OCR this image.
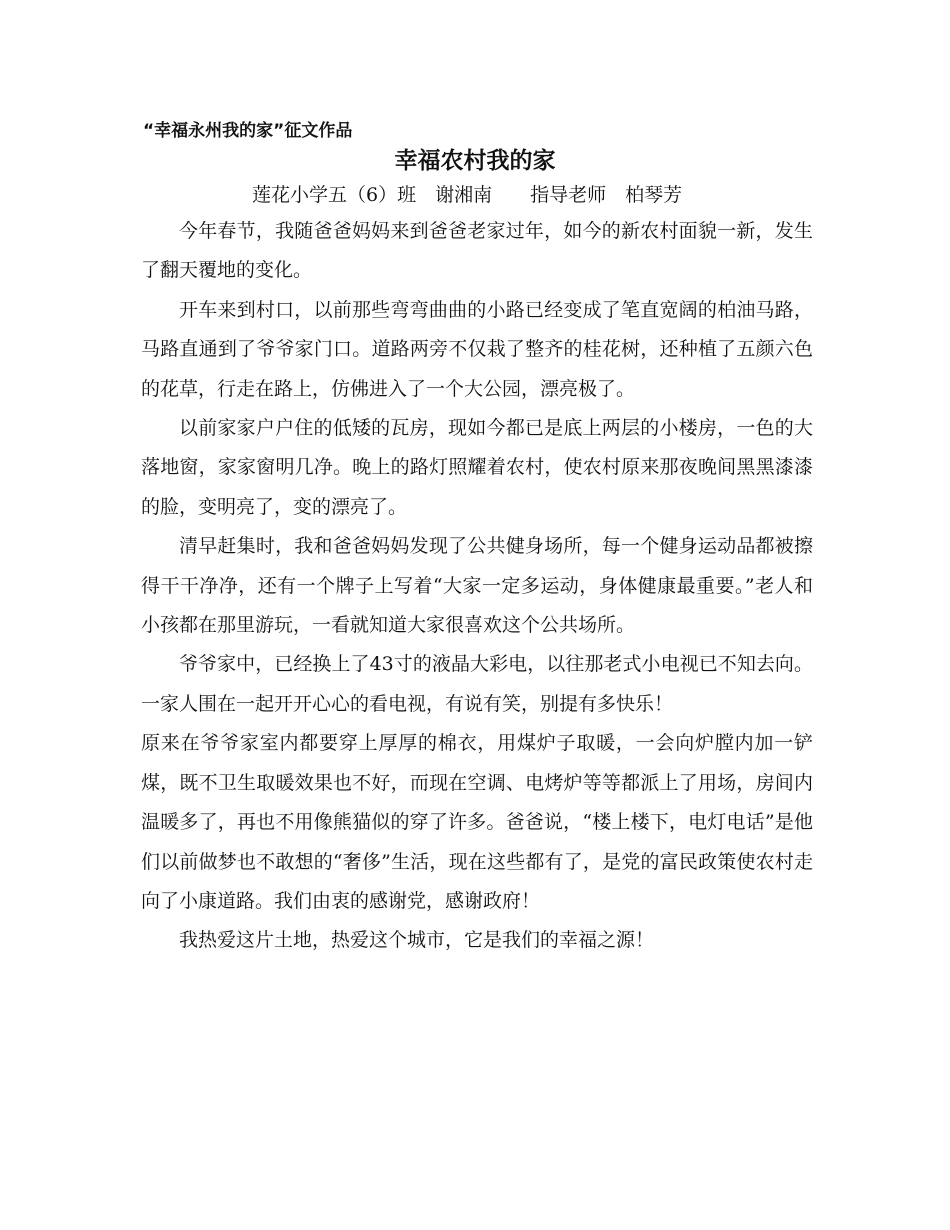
“幸福永州我的家”征文作品
幸福农村我的家
莲花小学五（6）班　谢湘南　　指导老师　柏琴芳

今年春节，我随爸爸妈妈来到爸爸老家过年，如今的新农村面貌一新，发生了翻天覆地的变化。

开车来到村口，以前那些弯弯曲曲的小路已经变成了笔直宽阔的柏油马路，马路直通到了爷爷家门口。道路两旁不仅栽了整齐的桂花树，还种植了五颜六色的花草，行走在路上，仿佛进入了一个大公园，漂亮极了。

以前家家户户住的低矮的瓦房，现如今都已是底上两层的小楼房，一色的大落地窗，家家窗明几净。晚上的路灯照耀着农村，使农村原来那夜晚间黑黑漆漆的脸，变明亮了，变的漂亮了。

清早赶集时，我和爸爸妈妈发现了公共健身场所，每一个健身运动品都被擦得干干净净，还有一个牌子上写着“大家一定多运动，身体健康最重要。”老人和小孩都在那里游玩，一看就知道大家很喜欢这个公共场所。

爷爷家中，已经换上了43寸的液晶大彩电，以往那老式小电视已不知去向。一家人围在一起开开心心的看电视，有说有笑，别提有多快乐！

原来在爷爷家室内都要穿上厚厚的棉衣，用煤炉子取暖，一会向炉膛内加一铲煤，既不卫生取暖效果也不好，而现在空调、电烤炉等等都派上了用场，房间内温暖多了，再也不用像熊猫似的穿了许多。爸爸说，“楼上楼下，电灯电话”是他们以前做梦也不敢想的“奢侈”生活，现在这些都有了，是党的富民政策使农村走向了小康道路。我们由衷的感谢党，感谢政府！

我热爱这片土地，热爱这个城市，它是我们的幸福之源！
